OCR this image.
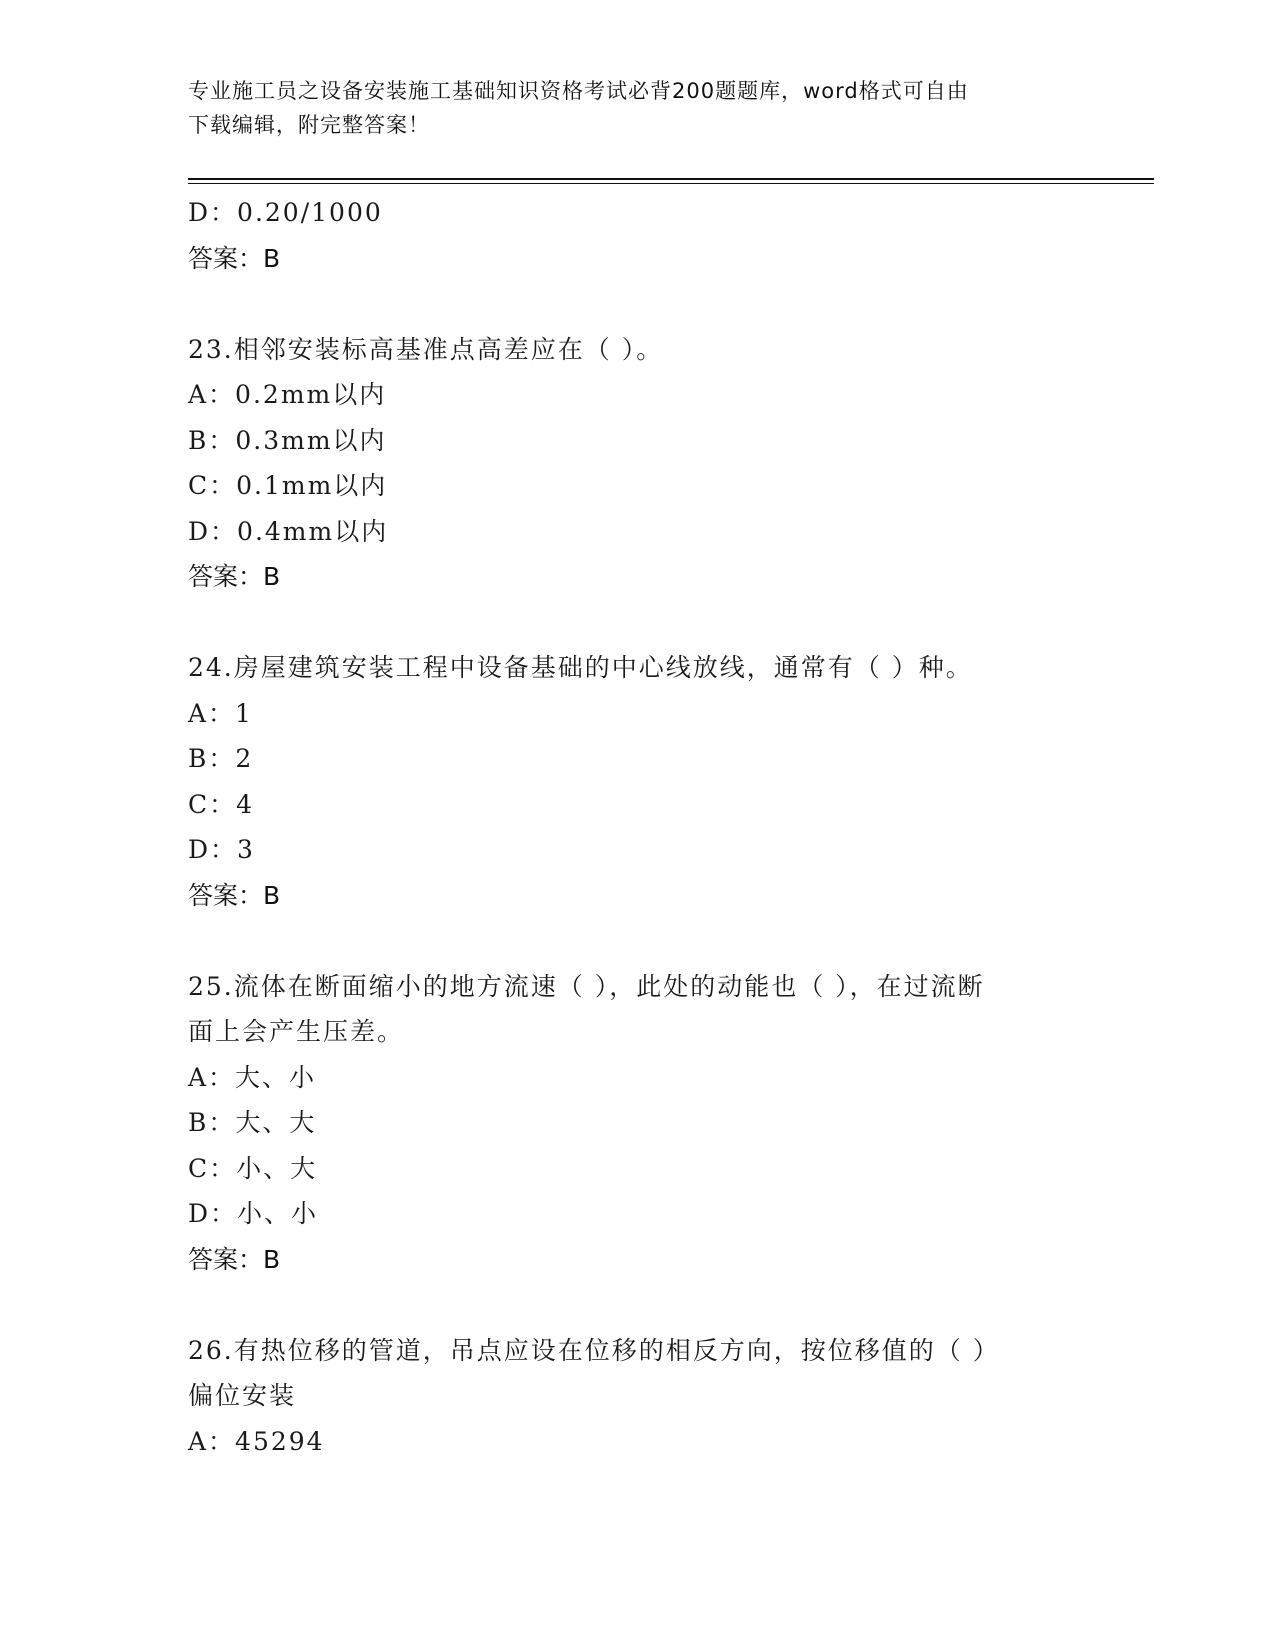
专业施工员之设备安装施工基础知识资格考试必背200题题库，word格式可自由
下载编辑，附完整答案！
D：0.20/1000
答案：B
23.相邻安装标高基准点高差应在（ ）。
A：0.2mm以内
B：0.3mm以内
C：0.1mm以内
D：0.4mm以内
答案：B
24.房屋建筑安装工程中设备基础的中心线放线，通常有（ ）种。
A：1
B：2
C：4
D：3
答案：B
25.流体在断面缩小的地方流速（ ），此处的动能也（ ），在过流断
面上会产生压差。
A：大、小
B：大、大
C：小、大
D：小、小
答案：B
26.有热位移的管道，吊点应设在位移的相反方向，按位移值的（ ）
偏位安装
A：45294
